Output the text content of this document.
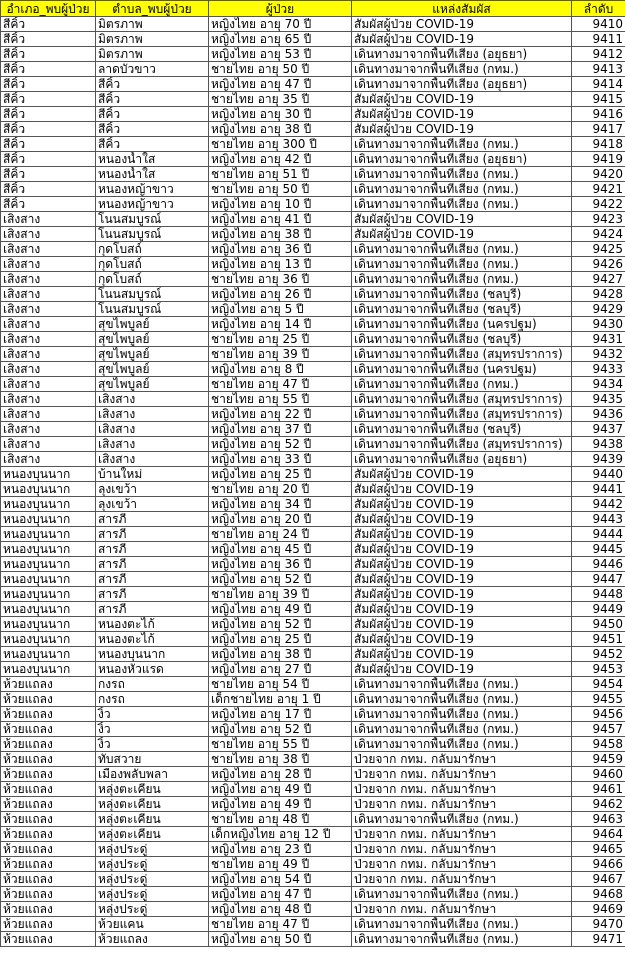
อำเภอ_พบผู้ป่วย	ตำบล_พบผู้ป่วย	ผู้ป่วย	แหล่งสัมผัส	ลำดับ
สีคิ้ว	มิตรภาพ	หญิงไทย อายุ 70 ปี	สัมผัสผู้ป่วย COVID-19	9410
สีคิ้ว	มิตรภาพ	หญิงไทย อายุ 65 ปี	สัมผัสผู้ป่วย COVID-19	9411
สีคิ้ว	มิตรภาพ	หญิงไทย อายุ 53 ปี	เดินทางมาจากพื้นที่เสี่ยง (อยุธยา)	9412
สีคิ้ว	ลาดบัวขาว	ชายไทย อายุ 50 ปี	เดินทางมาจากพื้นที่เสี่ยง (กทม.)	9413
สีคิ้ว	สีคิ้ว	หญิงไทย อายุ 47 ปี	เดินทางมาจากพื้นที่เสี่ยง (อยุธยา)	9414
สีคิ้ว	สีคิ้ว	ชายไทย อายุ 35 ปี	สัมผัสผู้ป่วย COVID-19	9415
สีคิ้ว	สีคิ้ว	หญิงไทย อายุ 30 ปี	สัมผัสผู้ป่วย COVID-19	9416
สีคิ้ว	สีคิ้ว	หญิงไทย อายุ 38 ปี	สัมผัสผู้ป่วย COVID-19	9417
สีคิ้ว	สีคิ้ว	ชายไทย อายุ 300 ปี	เดินทางมาจากพื้นที่เสี่ยง (กทม.)	9418
สีคิ้ว	หนองน้ำใส	หญิงไทย อายุ 42 ปี	เดินทางมาจากพื้นที่เสี่ยง (อยุธยา)	9419
สีคิ้ว	หนองน้ำใส	ชายไทย อายุ 51 ปี	เดินทางมาจากพื้นที่เสี่ยง (กทม.)	9420
สีคิ้ว	หนองหญ้าขาว	ชายไทย อายุ 50 ปี	เดินทางมาจากพื้นที่เสี่ยง (กทม.)	9421
สีคิ้ว	หนองหญ้าขาว	หญิงไทย อายุ 10 ปี	เดินทางมาจากพื้นที่เสี่ยง (กทม.)	9422
เสิงสาง	โนนสมบูรณ์	หญิงไทย อายุ 41 ปี	สัมผัสผู้ป่วย COVID-19	9423
เสิงสาง	โนนสมบูรณ์	หญิงไทย อายุ 38 ปี	สัมผัสผู้ป่วย COVID-19	9424
เสิงสาง	กุดโบสถ์	หญิงไทย อายุ 36 ปี	เดินทางมาจากพื้นที่เสี่ยง (กทม.)	9425
เสิงสาง	กุดโบสถ์	หญิงไทย อายุ 13 ปี	เดินทางมาจากพื้นที่เสี่ยง (กทม.)	9426
เสิงสาง	กุดโบสถ์	ชายไทย อายุ 36 ปี	เดินทางมาจากพื้นที่เสี่ยง (กทม.)	9427
เสิงสาง	โนนสมบูรณ์	หญิงไทย อายุ 26 ปี	เดินทางมาจากพื้นที่เสี่ยง (ชลบุรี)	9428
เสิงสาง	โนนสมบูรณ์	หญิงไทย อายุ 5 ปี	เดินทางมาจากพื้นที่เสี่ยง (ชลบุรี)	9429
เสิงสาง	สุขไพบูลย์	หญิงไทย อายุ 14 ปี	เดินทางมาจากพื้นที่เสี่ยง (นครปฐม)	9430
เสิงสาง	สุขไพบูลย์	ชายไทย อายุ 25 ปี	เดินทางมาจากพื้นที่เสี่ยง (ชลบุรี)	9431
เสิงสาง	สุขไพบูลย์	ชายไทย อายุ 39 ปี	เดินทางมาจากพื้นที่เสี่ยง (สมุทรปราการ)	9432
เสิงสาง	สุขไพบูลย์	หญิงไทย อายุ 8 ปี	เดินทางมาจากพื้นที่เสี่ยง (นครปฐม)	9433
เสิงสาง	สุขไพบูลย์	ชายไทย อายุ 47 ปี	เดินทางมาจากพื้นที่เสี่ยง (กทม.)	9434
เสิงสาง	เสิงสาง	ชายไทย อายุ 55 ปี	เดินทางมาจากพื้นที่เสี่ยง (สมุทรปราการ)	9435
เสิงสาง	เสิงสาง	หญิงไทย อายุ 22 ปี	เดินทางมาจากพื้นที่เสี่ยง (สมุทรปราการ)	9436
เสิงสาง	เสิงสาง	หญิงไทย อายุ 37 ปี	เดินทางมาจากพื้นที่เสี่ยง (ชลบุรี)	9437
เสิงสาง	เสิงสาง	หญิงไทย อายุ 52 ปี	เดินทางมาจากพื้นที่เสี่ยง (สมุทรปราการ)	9438
เสิงสาง	เสิงสาง	หญิงไทย อายุ 33 ปี	เดินทางมาจากพื้นที่เสี่ยง (อยุธยา)	9439
หนองบุนนาก	บ้านใหม่	หญิงไทย อายุ 25 ปี	สัมผัสผู้ป่วย COVID-19	9440
หนองบุนนาก	ลุงเขว้า	ชายไทย อายุ 20 ปี	สัมผัสผู้ป่วย COVID-19	9441
หนองบุนนาก	ลุงเขว้า	หญิงไทย อายุ 34 ปี	สัมผัสผู้ป่วย COVID-19	9442
หนองบุนนาก	สารภี	หญิงไทย อายุ 20 ปี	สัมผัสผู้ป่วย COVID-19	9443
หนองบุนนาก	สารภี	ชายไทย อายุ 24 ปี	สัมผัสผู้ป่วย COVID-19	9444
หนองบุนนาก	สารภี	หญิงไทย อายุ 45 ปี	สัมผัสผู้ป่วย COVID-19	9445
หนองบุนนาก	สารภี	หญิงไทย อายุ 36 ปี	สัมผัสผู้ป่วย COVID-19	9446
หนองบุนนาก	สารภี	หญิงไทย อายุ 52 ปี	สัมผัสผู้ป่วย COVID-19	9447
หนองบุนนาก	สารภี	ชายไทย อายุ 39 ปี	สัมผัสผู้ป่วย COVID-19	9448
หนองบุนนาก	สารภี	หญิงไทย อายุ 49 ปี	สัมผัสผู้ป่วย COVID-19	9449
หนองบุนนาก	หนองตะไก้	หญิงไทย อายุ 52 ปี	สัมผัสผู้ป่วย COVID-19	9450
หนองบุนนาก	หนองตะไก้	หญิงไทย อายุ 25 ปี	สัมผัสผู้ป่วย COVID-19	9451
หนองบุนนาก	หนองบุนนาก	หญิงไทย อายุ 38 ปี	สัมผัสผู้ป่วย COVID-19	9452
หนองบุนนาก	หนองหัวแรด	หญิงไทย อายุ 27 ปี	สัมผัสผู้ป่วย COVID-19	9453
ห้วยแถลง	กงรถ	ชายไทย อายุ 54 ปี	เดินทางมาจากพื้นที่เสี่ยง (กทม.)	9454
ห้วยแถลง	กงรถ	เด็กชายไทย อายุ 1 ปี	เดินทางมาจากพื้นที่เสี่ยง (กทม.)	9455
ห้วยแถลง	งิ้ว	หญิงไทย อายุ 17 ปี	เดินทางมาจากพื้นที่เสี่ยง (กทม.)	9456
ห้วยแถลง	งิ้ว	หญิงไทย อายุ 52 ปี	เดินทางมาจากพื้นที่เสี่ยง (กทม.)	9457
ห้วยแถลง	งิ้ว	ชายไทย อายุ 55 ปี	เดินทางมาจากพื้นที่เสี่ยง (กทม.)	9458
ห้วยแถลง	ทับสวาย	ชายไทย อายุ 38 ปี	ป่วยจาก กทม. กลับมารักษา	9459
ห้วยแถลง	เมืองพลับพลา	หญิงไทย อายุ 28 ปี	ป่วยจาก กทม. กลับมารักษา	9460
ห้วยแถลง	หลุ่งตะเคียน	หญิงไทย อายุ 49 ปี	ป่วยจาก กทม. กลับมารักษา	9461
ห้วยแถลง	หลุ่งตะเคียน	หญิงไทย อายุ 49 ปี	ป่วยจาก กทม. กลับมารักษา	9462
ห้วยแถลง	หลุ่งตะเคียน	ชายไทย อายุ 48 ปี	เดินทางมาจากพื้นที่เสี่ยง (กทม.)	9463
ห้วยแถลง	หลุ่งตะเคียน	เด็กหญิงไทย อายุ 12 ปี	ป่วยจาก กทม. กลับมารักษา	9464
ห้วยแถลง	หลุ่งประดู่	หญิงไทย อายุ 23 ปี	ป่วยจาก กทม. กลับมารักษา	9465
ห้วยแถลง	หลุ่งประดู่	ชายไทย อายุ 49 ปี	ป่วยจาก กทม. กลับมารักษา	9466
ห้วยแถลง	หลุ่งประดู่	หญิงไทย อายุ 54 ปี	ป่วยจาก กทม. กลับมารักษา	9467
ห้วยแถลง	หลุ่งประดู่	หญิงไทย อายุ 47 ปี	เดินทางมาจากพื้นที่เสี่ยง (กทม.)	9468
ห้วยแถลง	หลุ่งประดู่	หญิงไทย อายุ 48 ปี	ป่วยจาก กทม. กลับมารักษา	9469
ห้วยแถลง	ห้วยแคน	ชายไทย อายุ 47 ปี	เดินทางมาจากพื้นที่เสี่ยง (กทม.)	9470
ห้วยแถลง	ห้วยแถลง	หญิงไทย อายุ 50 ปี	เดินทางมาจากพื้นที่เสี่ยง (กทม.)	9471
